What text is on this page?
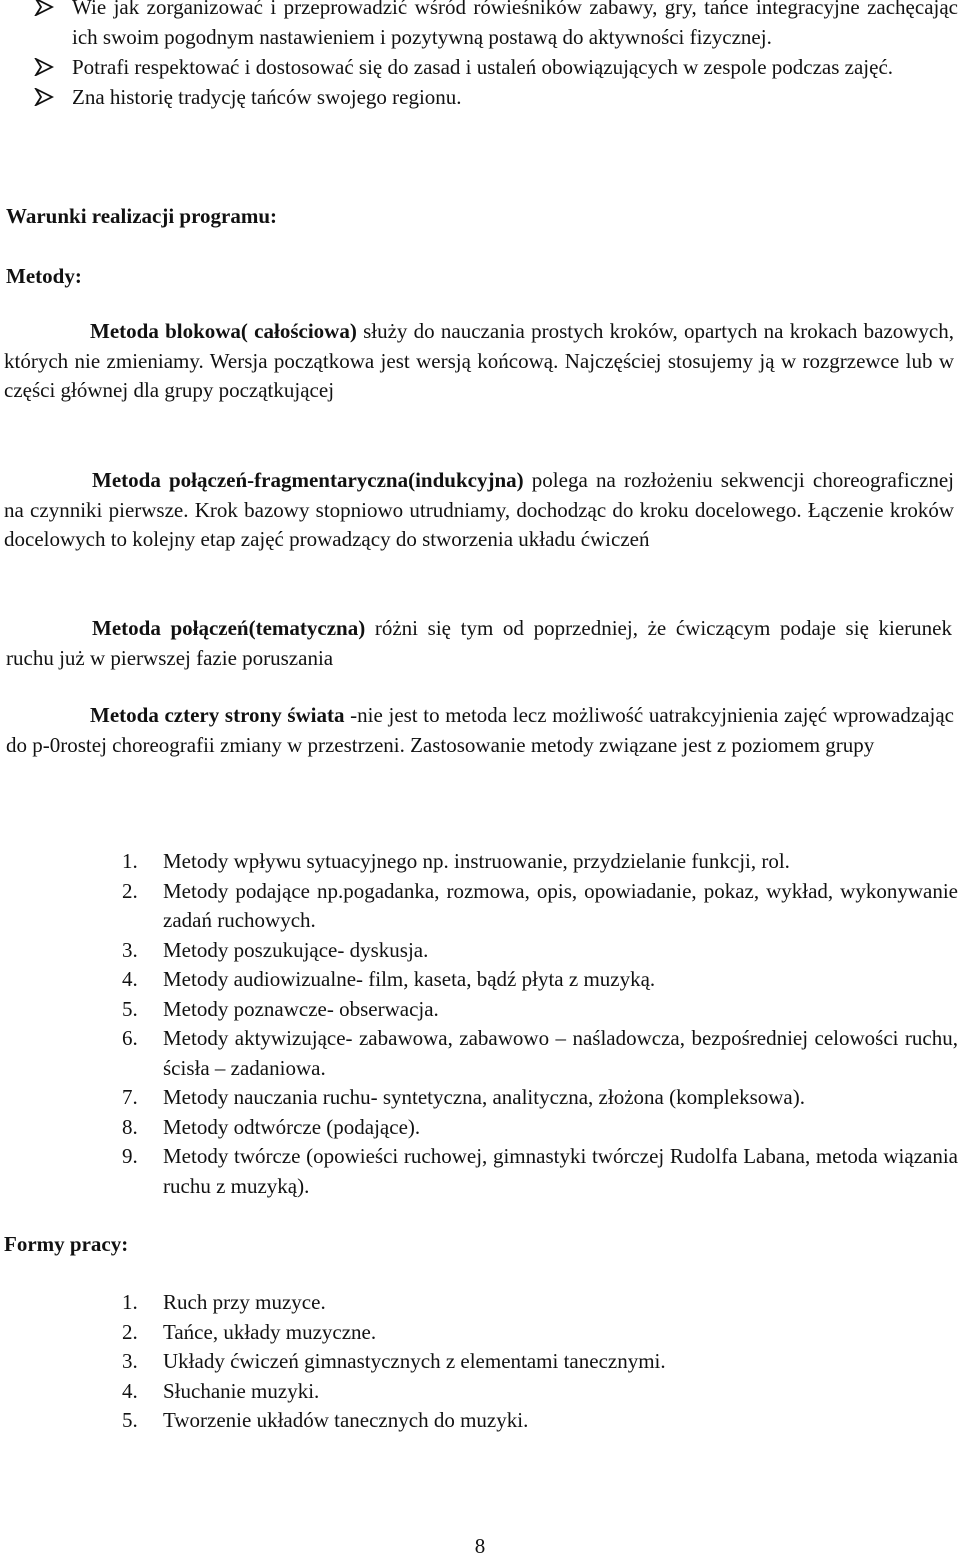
Wie jak zorganizować i przeprowadzić wśród rówieśników zabawy, gry, tańce integracyjne zachęcając ich swoim pogodnym nastawieniem i pozytywną postawą do aktywności fizycznej.
Potrafi respektować i dostosować się do zasad i ustaleń obowiązujących w zespole podczas zajęć.
Zna historię tradycję tańców swojego regionu.
Warunki realizacji programu:
Metody:
Metoda blokowa( całościowa) służy do nauczania prostych kroków, opartych na krokach bazowych, których nie zmieniamy. Wersja początkowa jest wersją końcową. Najczęściej stosujemy ją w rozgrzewce lub w części głównej dla grupy początkującej
Metoda połączeń-fragmentaryczna(indukcyjna) polega na rozłożeniu sekwencji choreograficznej na czynniki pierwsze. Krok bazowy stopniowo utrudniamy, dochodząc do kroku docelowego. Łączenie kroków docelowych to kolejny etap zajęć prowadzący do stworzenia układu ćwiczeń
Metoda połączeń(tematyczna) różni się tym od poprzedniej, że ćwiczącym podaje się kierunek ruchu już w pierwszej fazie poruszania
Metoda cztery strony świata -nie jest to metoda lecz możliwość uatrakcyjnienia zajęć wprowadzając do p-0rostej choreografii zmiany w przestrzeni. Zastosowanie metody związane jest z poziomem grupy
1. Metody wpływu sytuacyjnego np. instruowanie, przydzielanie funkcji, rol.
2. Metody podające np.pogadanka, rozmowa, opis, opowiadanie, pokaz, wykład, wykonywanie zadań ruchowych.
3. Metody poszukujące- dyskusja.
4. Metody audiowizualne- film, kaseta, bądź płyta z muzyką.
5. Metody poznawcze- obserwacja.
6. Metody aktywizujące- zabawowa, zabawowo – naśladowcza, bezpośredniej celowości ruchu, ścisła – zadaniowa.
7. Metody nauczania ruchu- syntetyczna, analityczna, złożona (kompleksowa).
8. Metody odtwórcze (podające).
9. Metody twórcze (opowieści ruchowej, gimnastyki twórczej Rudolfa Labana, metoda wiązania ruchu z muzyką).
Formy pracy:
1. Ruch przy muzyce.
2. Tańce, układy muzyczne.
3. Układy ćwiczeń gimnastycznych z elementami tanecznymi.
4. Słuchanie muzyki.
5. Tworzenie układów tanecznych do muzyki.
8
